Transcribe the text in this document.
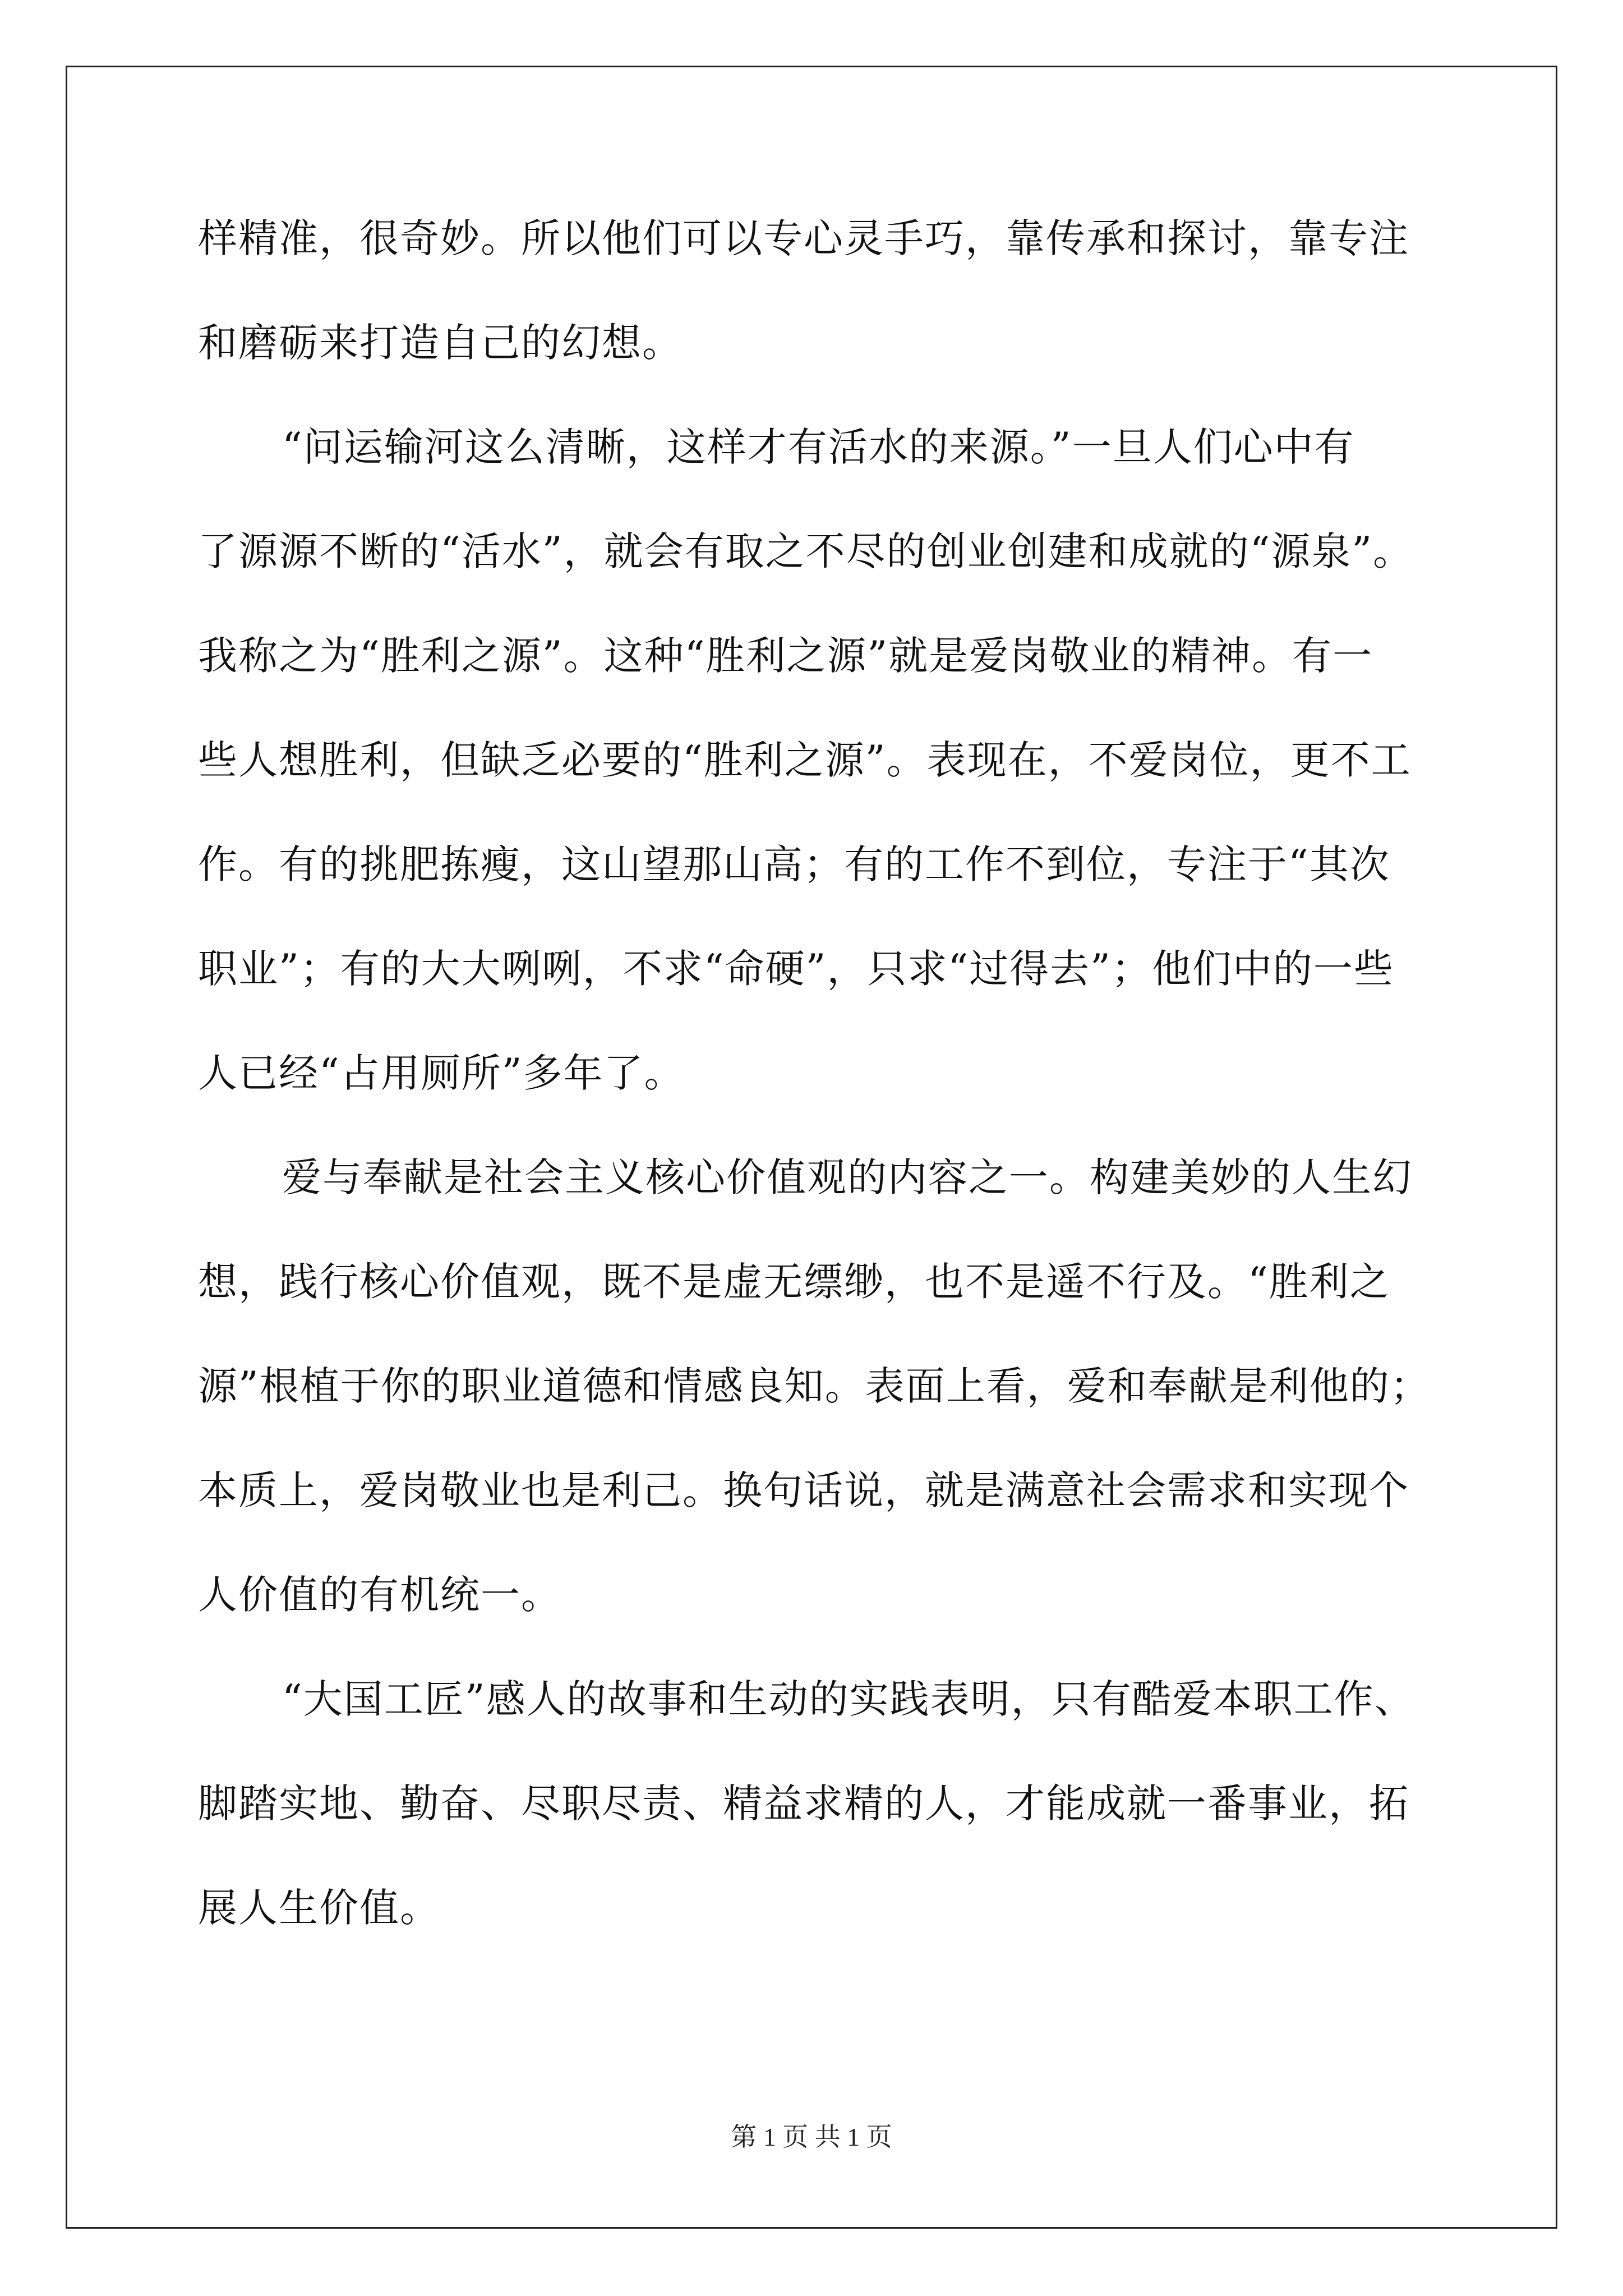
样精准，很奇妙。所以他们可以专心灵手巧，靠传承和探讨，靠专注
和磨砺来打造自己的幻想。
“问运输河这么清晰，这样才有活水的来源。”一旦人们心中有
了源源不断的“活水”，就会有取之不尽的创业创建和成就的“源泉”。
我称之为“胜利之源”。这种“胜利之源”就是爱岗敬业的精神。有一
些人想胜利，但缺乏必要的“胜利之源”。表现在，不爱岗位，更不工
作。有的挑肥拣瘦，这山望那山高；有的工作不到位，专注于“其次
职业”；有的大大咧咧，不求“命硬”，只求“过得去”；他们中的一些
人已经“占用厕所”多年了。
爱与奉献是社会主义核心价值观的内容之一。构建美妙的人生幻
想，践行核心价值观，既不是虚无缥缈，也不是遥不行及。“胜利之
源”根植于你的职业道德和情感良知。表面上看，爱和奉献是利他的；
本质上，爱岗敬业也是利己。换句话说，就是满意社会需求和实现个
人价值的有机统一。
“大国工匠”感人的故事和生动的实践表明，只有酷爱本职工作、
脚踏实地、勤奋、尽职尽责、精益求精的人，才能成就一番事业，拓
展人生价值。
第 1 页 共 1 页
